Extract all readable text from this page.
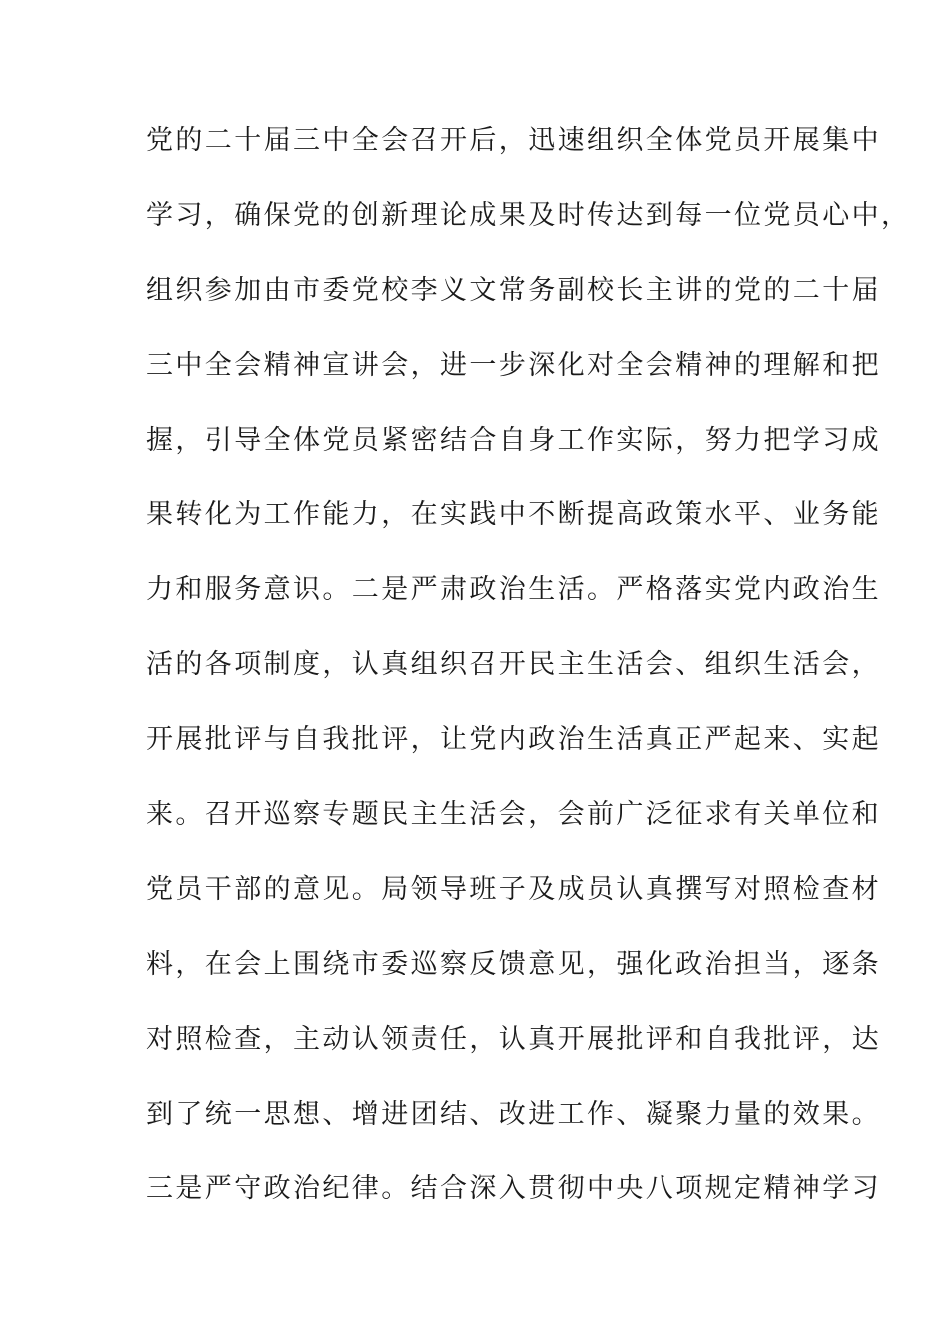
党的二十届三中全会召开后，迅速组织全体党员开展集中
学习，确保党的创新理论成果及时传达到每一位党员心中，
组织参加由市委党校李义文常务副校长主讲的党的二十届
三中全会精神宣讲会，进一步深化对全会精神的理解和把
握，引导全体党员紧密结合自身工作实际，努力把学习成
果转化为工作能力，在实践中不断提高政策水平、业务能
力和服务意识。二是严肃政治生活。严格落实党内政治生
活的各项制度，认真组织召开民主生活会、组织生活会，
开展批评与自我批评，让党内政治生活真正严起来、实起
来。召开巡察专题民主生活会，会前广泛征求有关单位和
党员干部的意见。局领导班子及成员认真撰写对照检查材
料，在会上围绕市委巡察反馈意见，强化政治担当，逐条
对照检查，主动认领责任，认真开展批评和自我批评，达
到了统一思想、增进团结、改进工作、凝聚力量的效果。
三是严守政治纪律。结合深入贯彻中央八项规定精神学习
